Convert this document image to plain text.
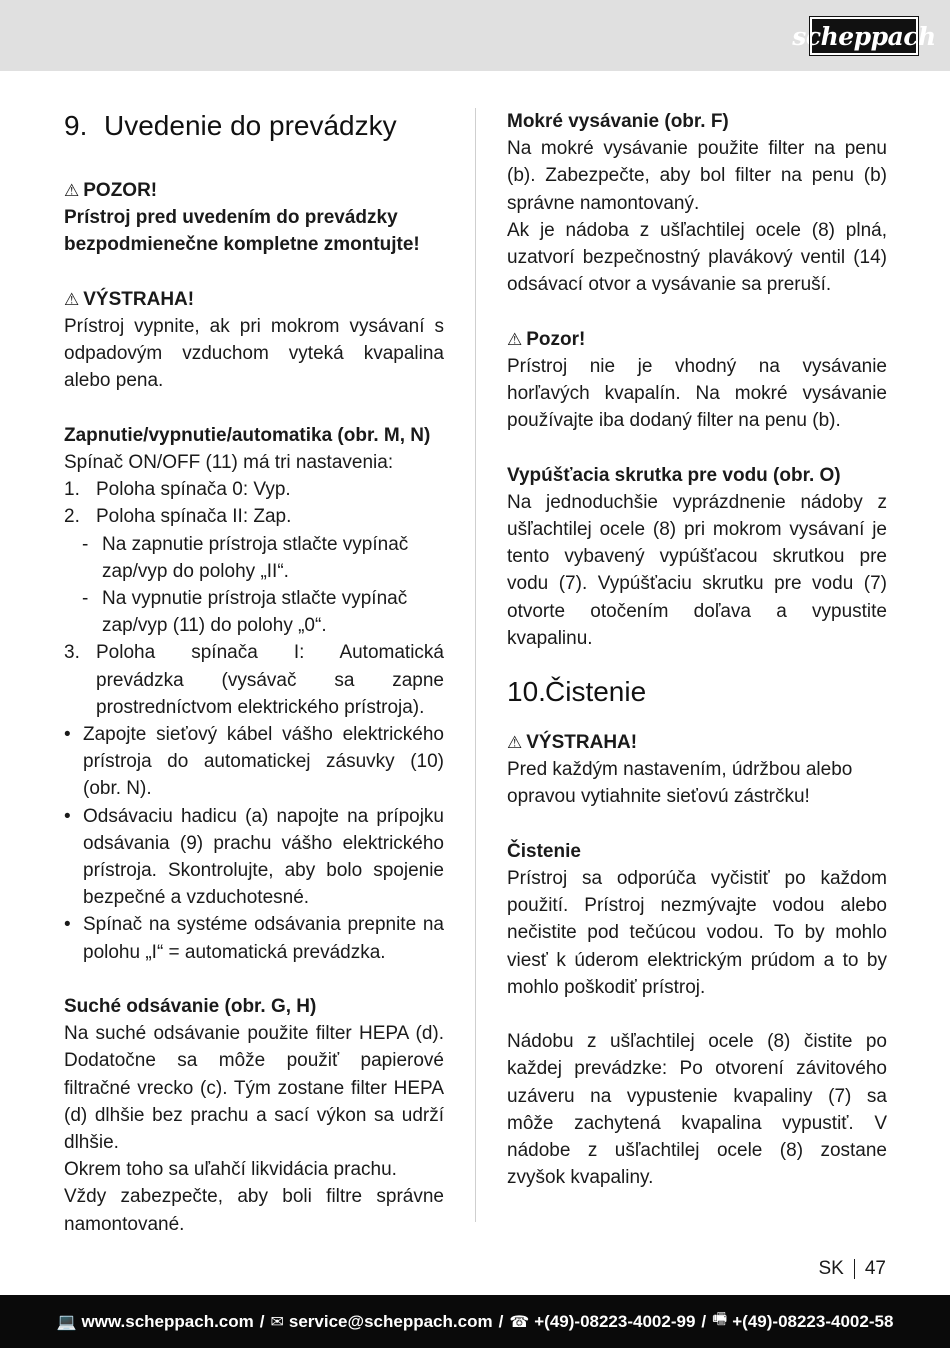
scheppach
9. Uvedenie do prevádzky
⚠ POZOR!

Prístroj pred uvedením do prevádzky bezpodmienečne kompletne zmontujte!

⚠ VÝSTRAHA!

Prístroj vypnite, ak pri mokrom vysávaní s odpadovým vzduchom vyteká kvapalina alebo pena.

Zapnutie/vypnutie/automatika (obr. M, N)

Spínač ON/OFF (11) má tri nastavenia:

1. Poloha spínača 0: Vyp.
2. Poloha spínača II: Zap.
- Na zapnutie prístroja stlačte vypínač zap/vyp do polohy „II“.
- Na vypnutie prístroja stlačte vypínač zap/vyp (11) do polohy „0“.
3. Poloha spínača I: Automatická prevádzka (vysávač sa zapne prostredníctvom elektrického prístroja).
• Zapojte sieťový kábel vášho elektrického prístroja do automatickej zásuvky (10) (obr. N).
• Odsávaciu hadicu (a) napojte na prípojku odsávania (9) prachu vášho elektrického prístroja. Skontrolujte, aby bolo spojenie bezpečné a vzduchotesné.
• Spínač na systéme odsávania prepnite na polohu „I“ = automatická prevádzka.
Suché odsávanie (obr. G, H)

Na suché odsávanie použite filter HEPA (d). Dodatočne sa môže použiť papierové filtračné vrecko (c). Tým zostane filter HEPA (d) dlhšie bez prachu a sací výkon sa udrží dlhšie.

Okrem toho sa uľahčí likvidácia prachu.

Vždy zabezpečte, aby boli filtre správne namontované.

Mokré vysávanie (obr. F)

Na mokré vysávanie použite filter na penu (b). Zabezpečte, aby bol filter na penu (b) správne namontovaný.

Ak je nádoba z ušľachtilej ocele (8) plná, uzatvorí bezpečnostný plavákový ventil (14) odsávací otvor a vysávanie sa preruší.

⚠ Pozor!

Prístroj nie je vhodný na vysávanie horľavých kvapalín. Na mokré vysávanie používajte iba dodaný filter na penu (b).

Vypúšťacia skrutka pre vodu (obr. O)

Na jednoduchšie vyprázdnenie nádoby z ušľachtilej ocele (8) pri mokrom vysávaní je tento vybavený vypúšťacou skrutkou pre vodu (7). Vypúšťaciu skrutku pre vodu (7) otvorte otočením doľava a vypustite kvapalinu.

10. Čistenie
⚠ VÝSTRAHA!

Pred každým nastavením, údržbou alebo opravou vytiahnite sieťovú zástrčku!

Čistenie

Prístroj sa odporúča vyčistiť po každom použití. Prístroj nezmývajte vodou alebo nečistite pod tečúcou vodou. To by mohlo viesť k úderom elektrickým prúdom a to by mohlo poškodiť prístroj.

Nádobu z ušľachtilej ocele (8) čistite po každej prevádzke: Po otvorení závitového uzáveru na vypustenie kvapaliny (7) sa môže zachytená kvapalina vypustiť. V nádobe z ušľachtilej ocele (8) zostane zvyšok kvapaliny.

SK 47
💻 www.scheppach.com / ✉ service@scheppach.com / ☎ +(49)-08223-4002-99 / 🖷 +(49)-08223-4002-58
